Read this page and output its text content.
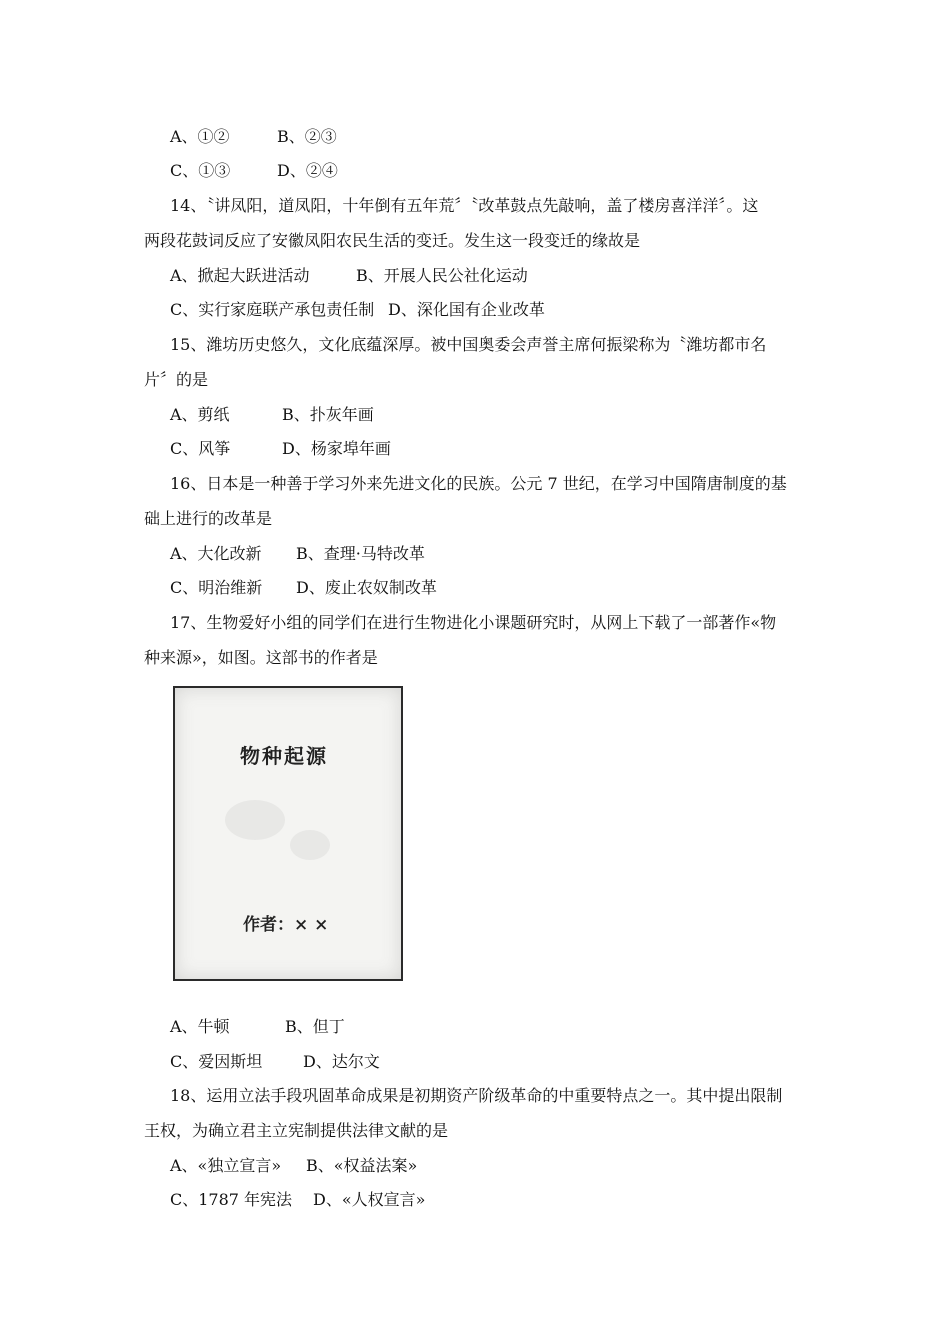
A、①②	B、②③
C、①③	D、②④
14、〝讲凤阳，道凤阳，十年倒有五年荒〞〝改革鼓点先敲响，盖了楼房喜洋洋〞。这
两段花鼓词反应了安徽凤阳农民生活的变迁。发生这一段变迁的缘故是
A、掀起大跃进活动	B、开展人民公社化运动
C、实行家庭联产承包责任制 D、深化国有企业改革
15、潍坊历史悠久，文化底蕴深厚。被中国奥委会声誉主席何振梁称为〝潍坊都市名
片〞的是
A、剪纸	B、扑灰年画
C、风筝	D、杨家埠年画
16、日本是一种善于学习外来先进文化的民族。公元 7 世纪，在学习中国隋唐制度的基
础上进行的改革是
A、大化改新 B、查理·马特改革
C、明治维新 D、废止农奴制改革
17、生物爱好小组的同学们在进行生物进化小课题研究时，从网上下载了一部著作«物
种来源»，如图。这部书的作者是
物种起源
作者：× ×
A、牛顿	B、但丁
C、爱因斯坦	D、达尔文
18、运用立法手段巩固革命成果是初期资产阶级革命的中重要特点之一。其中提出限制
王权，为确立君主立宪制提供法律文献的是
A、«独立宣言» B、«权益法案»
C、1787 年宪法 D、«人权宣言»
